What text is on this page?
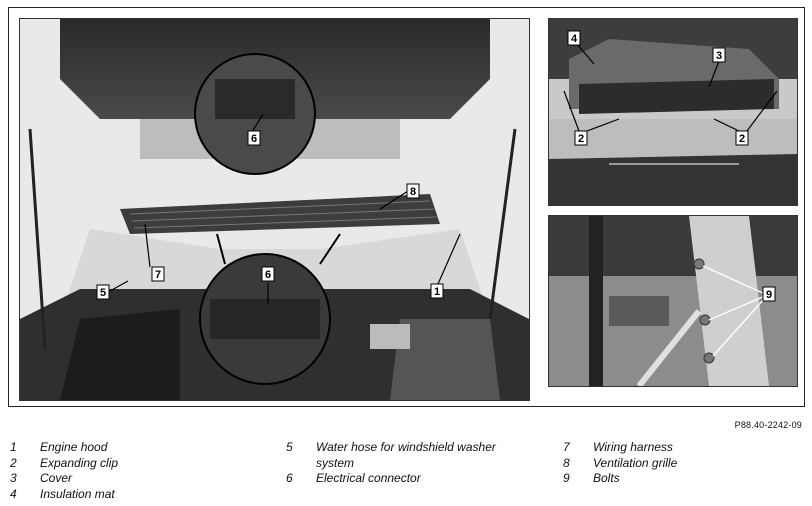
6
6
8
7
5	1
4
3
2	2
9
P88.40-2242-09
1	Engine hood
2	Expanding clip
3	Cover
4	Insulation mat
5	Water hose for windshield washer system
6	Electrical connector
7	Wiring harness
8	Ventilation grille
9	Bolts
